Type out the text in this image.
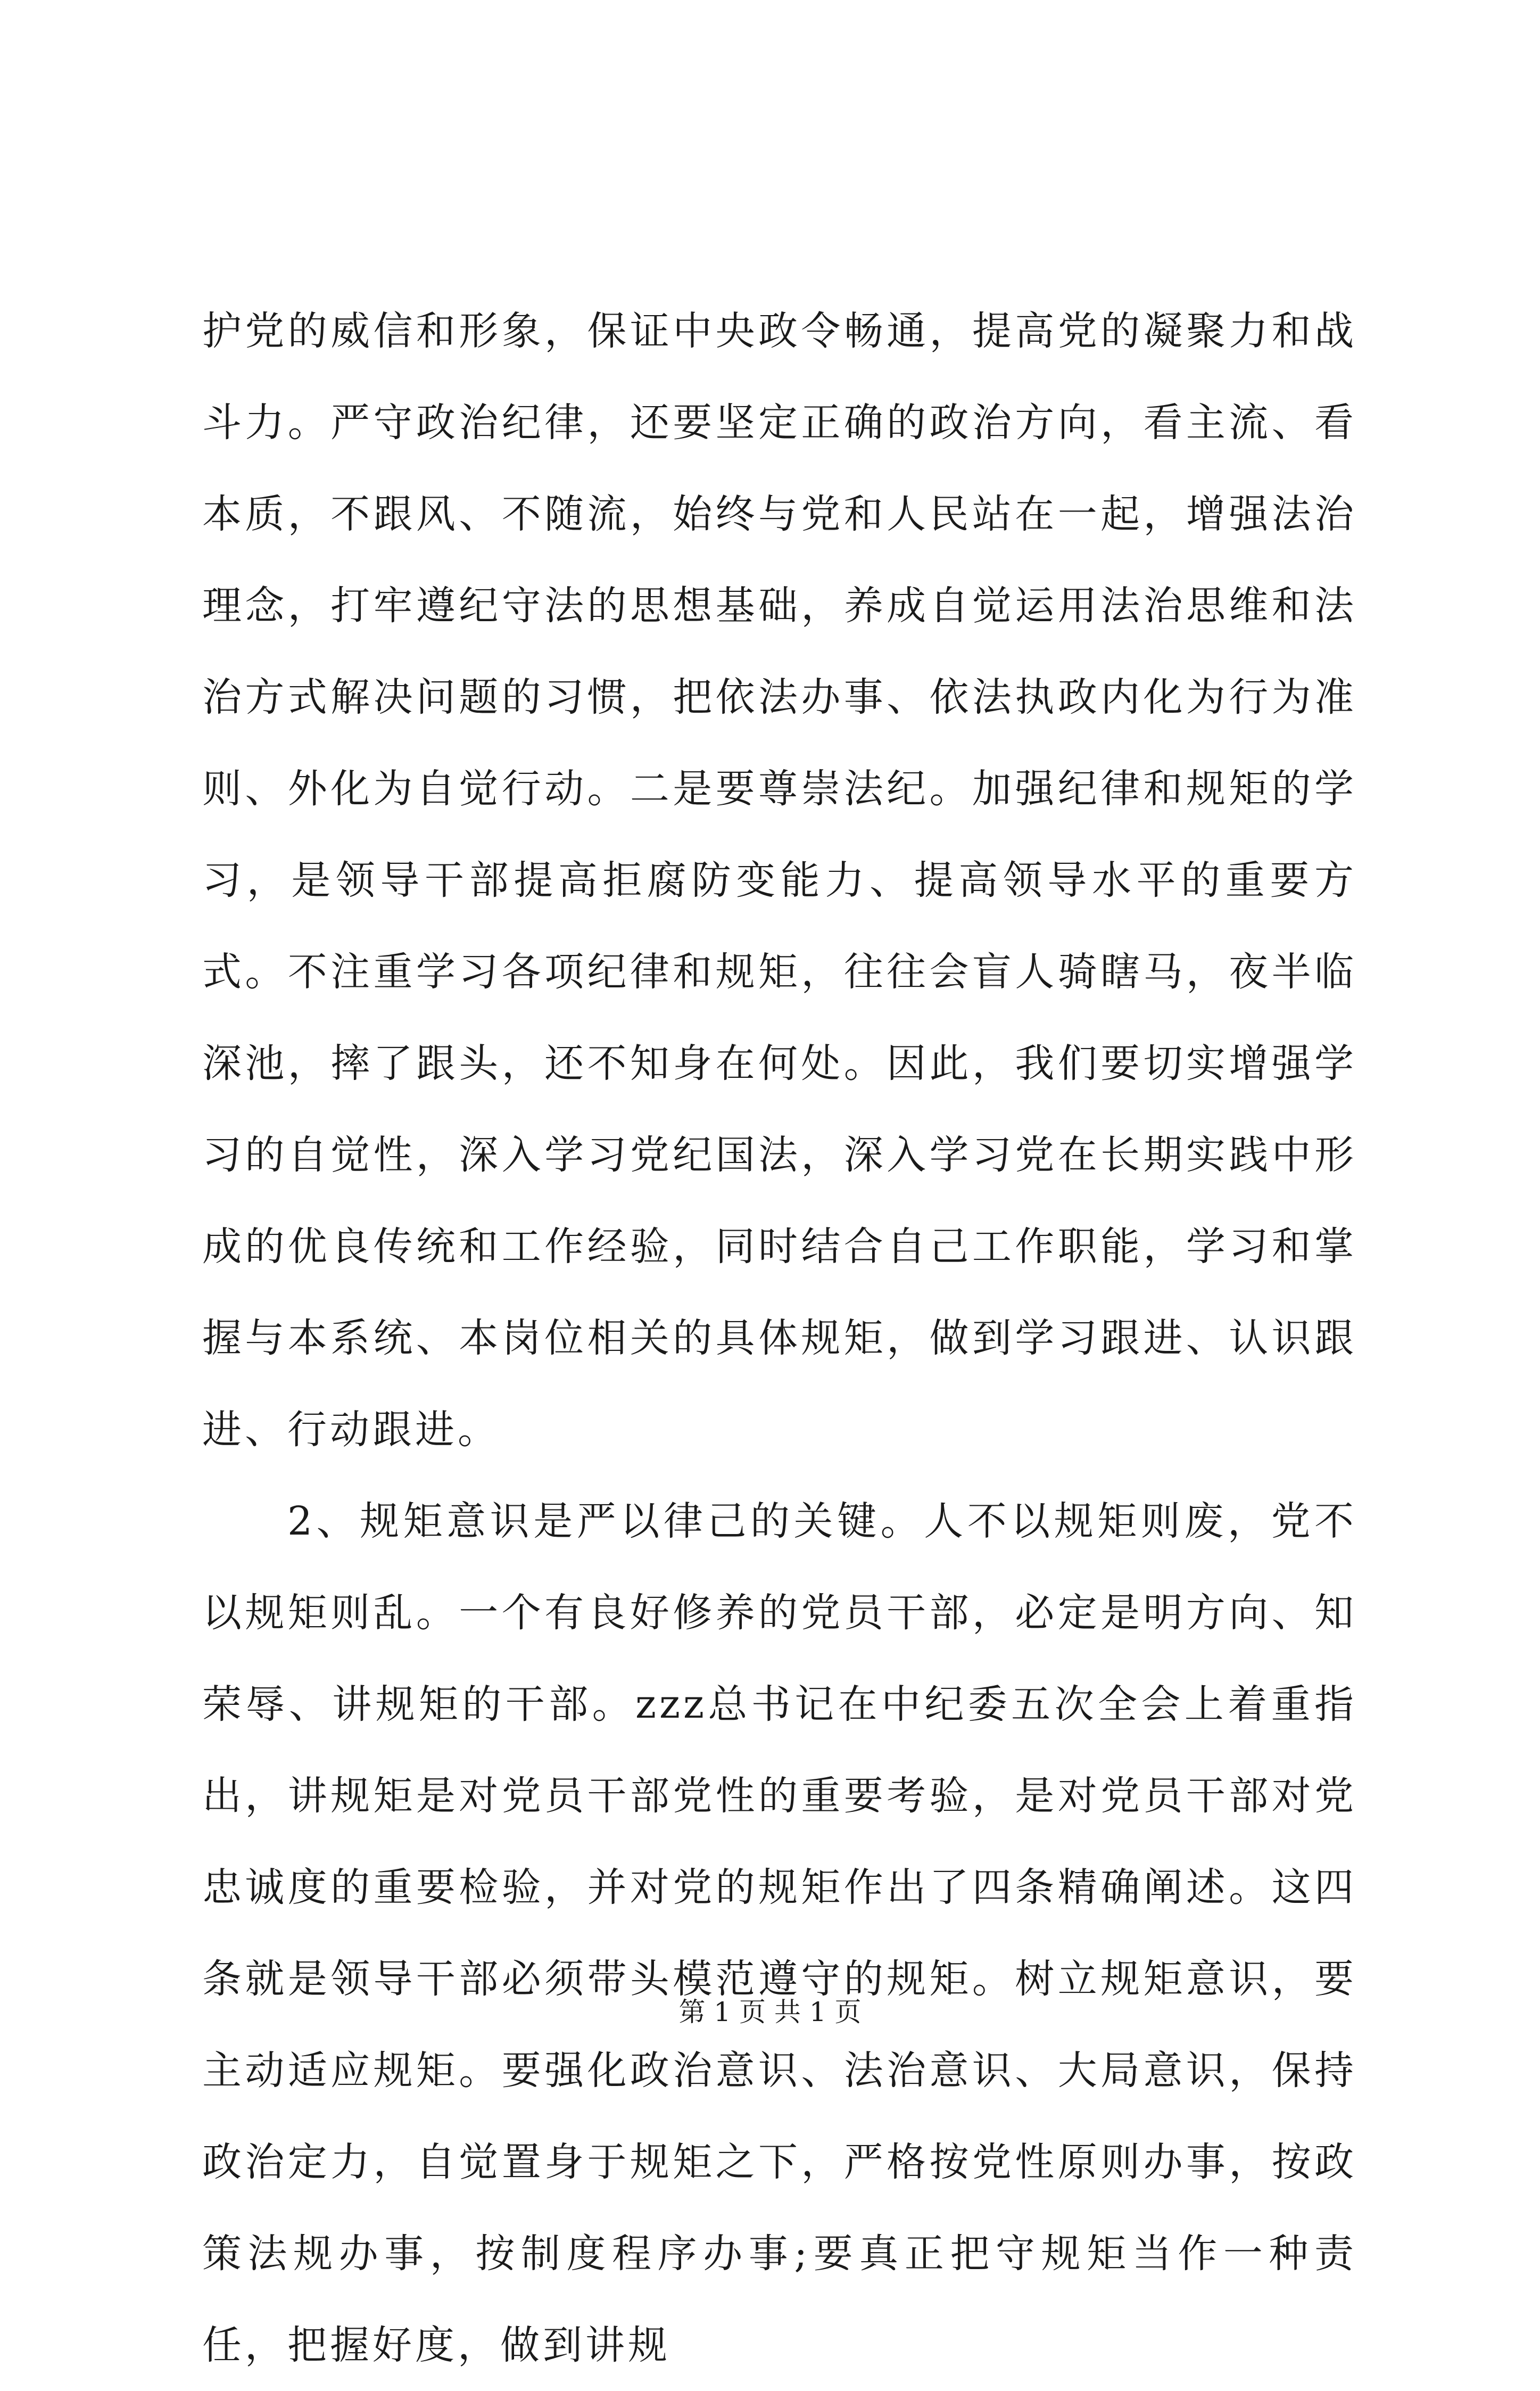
护党的威信和形象，保证中央政令畅通，提高党的凝聚力和战斗力。严守政治纪律，还要坚定正确的政治方向，看主流、看本质，不跟风、不随流，始终与党和人民站在一起，增强法治理念，打牢遵纪守法的思想基础，养成自觉运用法治思维和法治方式解决问题的习惯，把依法办事、依法执政内化为行为准则、外化为自觉行动。二是要尊崇法纪。加强纪律和规矩的学习，是领导干部提高拒腐防变能力、提高领导水平的重要方式。不注重学习各项纪律和规矩，往往会盲人骑瞎马，夜半临深池，摔了跟头，还不知身在何处。因此，我们要切实增强学习的自觉性，深入学习党纪国法，深入学习党在长期实践中形成的优良传统和工作经验，同时结合自己工作职能，学习和掌握与本系统、本岗位相关的具体规矩，做到学习跟进、认识跟进、行动跟进。

2、规矩意识是严以律己的关键。人不以规矩则废，党不以规矩则乱。一个有良好修养的党员干部，必定是明方向、知荣辱、讲规矩的干部。zzz总书记在中纪委五次全会上着重指出，讲规矩是对党员干部党性的重要考验，是对党员干部对党忠诚度的重要检验，并对党的规矩作出了四条精确阐述。这四条就是领导干部必须带头模范遵守的规矩。树立规矩意识，要主动适应规矩。要强化政治意识、法治意识、大局意识，保持政治定力，自觉置身于规矩之下，严格按党性原则办事，按政策法规办事，按制度程序办事;要真正把守规矩当作一种责任，把握好度，做到讲规

第 1 页 共 1 页
